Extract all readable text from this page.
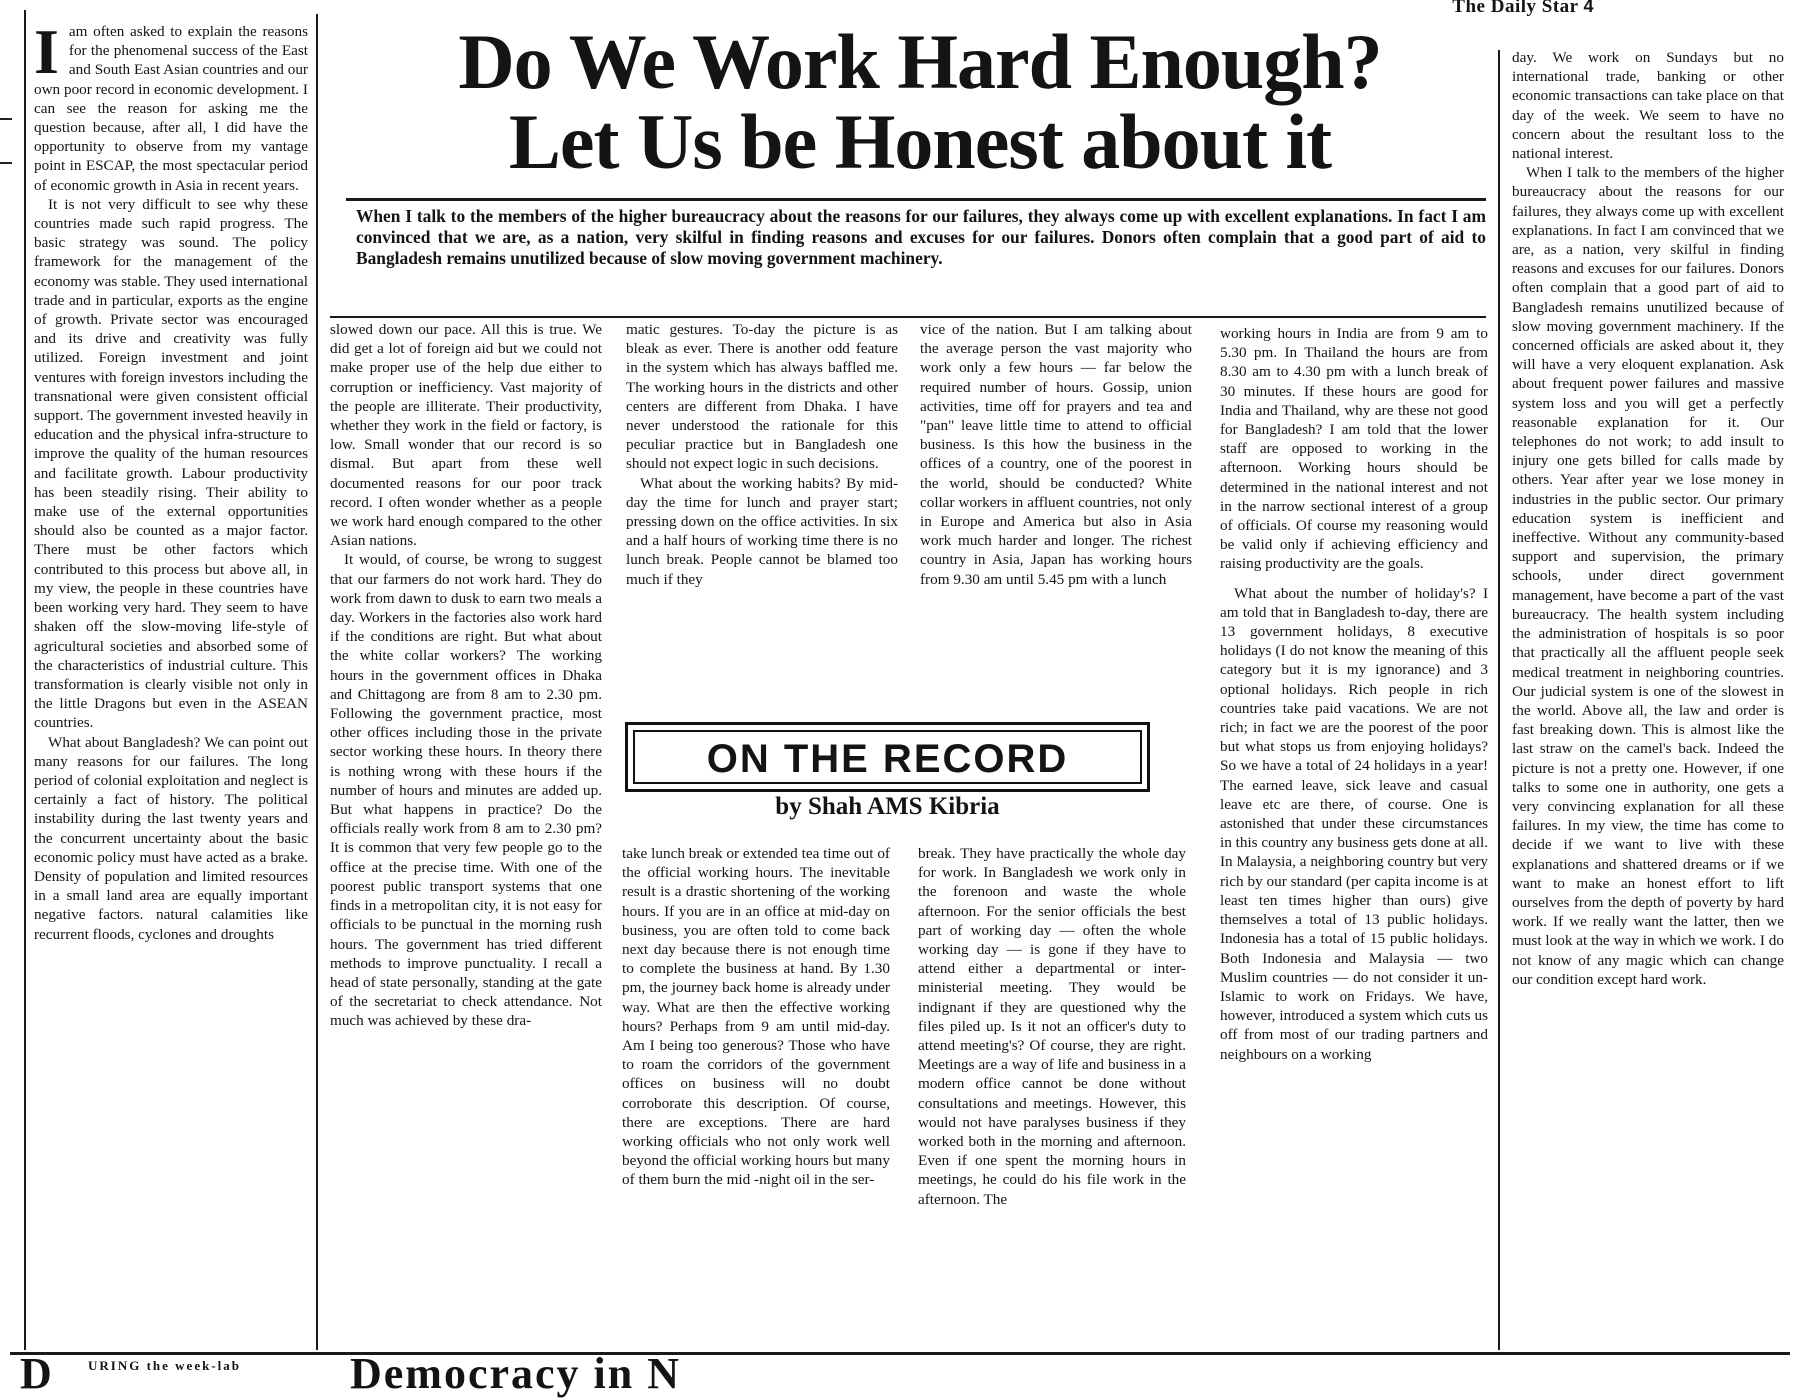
The Daily Star 4

Iam often asked to explain the reasons for the phenomenal success of the East and South East Asian countries and our own poor record in economic development. I can see the reason for asking me the question because, after all, I did have the opportunity to observe from my vantage point in ESCAP, the most spectacular period of economic growth in Asia in recent years.

It is not very difficult to see why these countries made such rapid progress. The basic strategy was sound. The policy framework for the management of the economy was stable. They used international trade and in particular, exports as the engine of growth. Private sector was encouraged and its drive and creativity was fully utilized. Foreign investment and joint ventures with foreign investors including the transnational were given consistent official support. The government invested heavily in education and the physical infra-structure to improve the quality of the human resources and facilitate growth. Labour productivity has been steadily rising. Their ability to make use of the external opportunities should also be counted as a major factor. There must be other factors which contributed to this process but above all, in my view, the people in these countries have been working very hard. They seem to have shaken off the slow-moving life-style of agricultural societies and absorbed some of the characteristics of industrial culture. This transformation is clearly visible not only in the little Dragons but even in the ASEAN countries.

What about Bangladesh? We can point out many reasons for our failures. The long period of colonial exploitation and neglect is certainly a fact of history. The political instability during the last twenty years and the concurrent uncertainty about the basic economic policy must have acted as a brake. Density of population and limited resources in a small land area are equally important negative factors. natural calamities like recurrent floods, cyclones and droughts

Do We Work Hard Enough?
Let Us be Honest about it
When I talk to the members of the higher bureaucracy about the reasons for our failures, they always come up with excellent explanations. In fact I am convinced that we are, as a nation, very skilful in finding reasons and excuses for our failures. Donors often complain that a good part of aid to Bangladesh remains unutilized because of slow moving government machinery.

slowed down our pace. All this is true. We did get a lot of foreign aid but we could not make proper use of the help due either to corruption or inefficiency. Vast majority of the people are illiterate. Their productivity, whether they work in the field or factory, is low. Small wonder that our record is so dismal. But apart from these well documented reasons for our poor track record. I often wonder whether as a people we work hard enough compared to the other Asian nations.

It would, of course, be wrong to suggest that our farmers do not work hard. They do work from dawn to dusk to earn two meals a day. Workers in the factories also work hard if the conditions are right. But what about the white collar workers? The working hours in the government offices in Dhaka and Chittagong are from 8 am to 2.30 pm. Following the government practice, most other offices including those in the private sector working these hours. In theory there is nothing wrong with these hours if the number of hours and minutes are added up. But what happens in practice? Do the officials really work from 8 am to 2.30 pm? It is common that very few people go to the office at the precise time. With one of the poorest public transport systems that one finds in a metropolitan city, it is not easy for officials to be punctual in the morning rush hours. The government has tried different methods to improve punctuality. I recall a head of state personally, standing at the gate of the secretariat to check attendance. Not much was achieved by these dra-

matic gestures. To-day the picture is as bleak as ever. There is another odd feature in the system which has always baffled me. The working hours in the districts and other centers are different from Dhaka. I have never understood the rationale for this peculiar practice but in Bangladesh one should not expect logic in such decisions.

What about the working habits? By mid-day the time for lunch and prayer start; pressing down on the office activities. In six and a half hours of working time there is no lunch break. People cannot be blamed too much if they

vice of the nation. But I am talking about the average person the vast majority who work only a few hours — far below the required number of hours. Gossip, union activities, time off for prayers and tea and "pan" leave little time to attend to official business. Is this how the business in the offices of a country, one of the poorest in the world, should be conducted? White collar workers in affluent countries, not only in Europe and America but also in Asia work much harder and longer. The richest country in Asia, Japan has working hours from 9.30 am until 5.45 pm with a lunch

ON THE RECORD
by Shah AMS Kibria

take lunch break or extended tea time out of the official working hours. The inevitable result is a drastic shortening of the working hours. If you are in an office at mid-day on business, you are often told to come back next day because there is not enough time to complete the business at hand. By 1.30 pm, the journey back home is already under way. What are then the effective working hours? Perhaps from 9 am until mid-day. Am I being too generous? Those who have to roam the corridors of the government offices on business will no doubt corroborate this description. Of course, there are exceptions. There are hard working officials who not only work well beyond the official working hours but many of them burn the mid -night oil in the ser-

break. They have practically the whole day for work. In Bangladesh we work only in the forenoon and waste the whole afternoon. For the senior officials the best part of working day — often the whole working day — is gone if they have to attend either a departmental or inter-ministerial meeting. They would be indignant if they are questioned why the files piled up. Is it not an officer's duty to attend meeting's? Of course, they are right. Meetings are a way of life and business in a modern office cannot be done without consultations and meetings. However, this would not have paralyses business if they worked both in the morning and afternoon. Even if one spent the morning hours in meetings, he could do his file work in the afternoon. The

working hours in India are from 9 am to 5.30 pm. In Thailand the hours are from 8.30 am to 4.30 pm with a lunch break of 30 minutes. If these hours are good for India and Thailand, why are these not good for Bangladesh? I am told that the lower staff are opposed to working in the afternoon. Working hours should be determined in the national interest and not in the narrow sectional interest of a group of officials. Of course my reasoning would be valid only if achieving efficiency and raising productivity are the goals.

What about the number of holiday's? I am told that in Bangladesh to-day, there are 13 government holidays, 8 executive holidays (I do not know the meaning of this category but it is my ignorance) and 3 optional holidays. Rich people in rich countries take paid vacations. We are not rich; in fact we are the poorest of the poor but what stops us from enjoying holidays? So we have a total of 24 holidays in a year! The earned leave, sick leave and casual leave etc are there, of course. One is astonished that under these circumstances in this country any business gets done at all. In Malaysia, a neighboring country but very rich by our standard (per capita income is at least ten times higher than ours) give themselves a total of 13 public holidays. Indonesia has a total of 15 public holidays. Both Indonesia and Malaysia — two Muslim countries — do not consider it un-Islamic to work on Fridays. We have, however, introduced a system which cuts us off from most of our trading partners and neighbours on a working

day. We work on Sundays but no international trade, banking or other economic transactions can take place on that day of the week. We seem to have no concern about the resultant loss to the national interest.

When I talk to the members of the higher bureaucracy about the reasons for our failures, they always come up with excellent explanations. In fact I am convinced that we are, as a nation, very skilful in finding reasons and excuses for our failures. Donors often complain that a good part of aid to Bangladesh remains unutilized because of slow moving government machinery. If the concerned officials are asked about it, they will have a very eloquent explanation. Ask about frequent power failures and massive system loss and you will get a perfectly reasonable explanation for it. Our telephones do not work; to add insult to injury one gets billed for calls made by others. Year after year we lose money in industries in the public sector. Our primary education system is inefficient and ineffective. Without any community-based support and supervision, the primary schools, under direct government management, have become a part of the vast bureaucracy. The health system including the administration of hospitals is so poor that practically all the affluent people seek medical treatment in neighboring countries. Our judicial system is one of the slowest in the world. Above all, the law and order is fast breaking down. This is almost like the last straw on the camel's back. Indeed the picture is not a pretty one. However, if one talks to some one in authority, one gets a very convincing explanation for all these failures. In my view, the time has come to decide if we want to live with these explanations and shattered dreams or if we want to make an honest effort to lift ourselves from the depth of poverty by hard work. If we really want the latter, then we must look at the way in which we work. I do not know of any magic which can change our condition except hard work.

D	URING the week-lab Democracy in N
